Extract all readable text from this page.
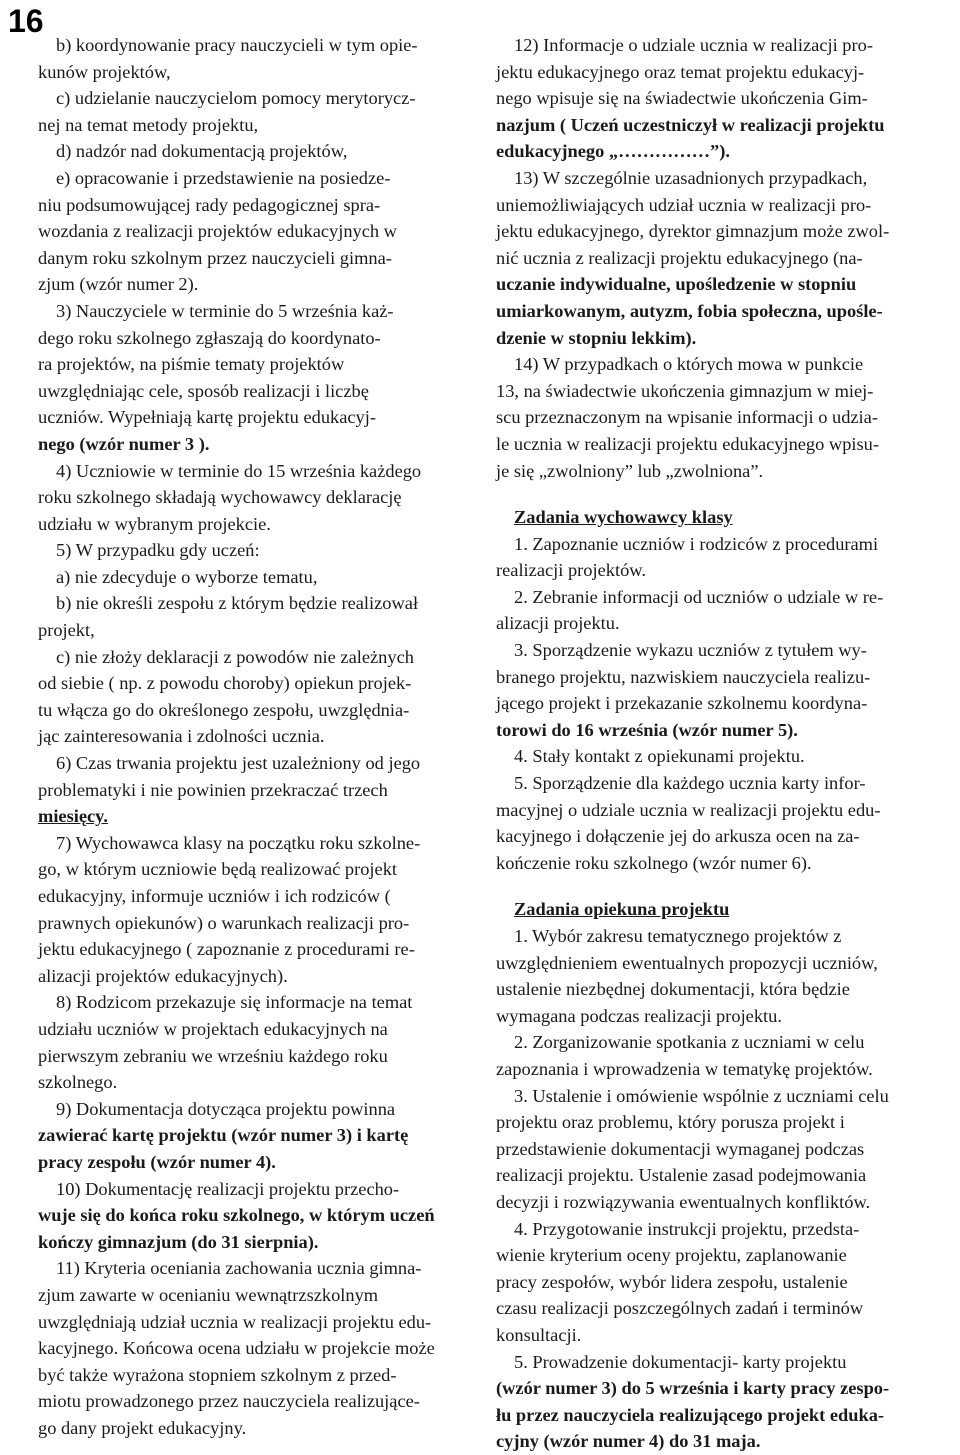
16
b) koordynowanie pracy nauczycieli w tym opie-
kunów projektów,
c) udzielanie nauczycielom pomocy merytorycz-
nej na temat metody projektu,
d) nadzór nad dokumentacją projektów,
e) opracowanie i przedstawienie na posiedze-
niu podsumowującej rady pedagogicznej spra-
wozdania z realizacji projektów edukacyjnych w
danym roku szkolnym przez nauczycieli gimna-
zjum (wzór numer 2).
3) Nauczyciele w terminie do 5 września każ-
dego roku szkolnego zgłaszają do koordynato-
ra projektów, na piśmie tematy projektów
uwzględniając cele, sposób realizacji i liczbę
uczniów. Wypełniają kartę projektu edukacyj-
nego (wzór numer 3 ).
4) Uczniowie w terminie do 15 września każdego
roku szkolnego składają wychowawcy deklarację
udziału w wybranym projekcie.
5) W przypadku gdy uczeń:
a) nie zdecyduje o wyborze tematu,
b) nie określi zespołu z którym będzie realizował
projekt,
c) nie złoży deklaracji z powodów nie zależnych
od siebie ( np. z powodu choroby) opiekun projek-
tu włącza go do określonego zespołu, uwzględnia-
jąc zainteresowania i zdolności ucznia.
6) Czas trwania projektu jest uzależniony od jego
problematyki i nie powinien przekraczać trzech
miesięcy.
7) Wychowawca klasy na początku roku szkolne-
go, w którym uczniowie będą realizować projekt
edukacyjny, informuje uczniów i ich rodziców (
prawnych opiekunów) o warunkach realizacji pro-
jektu edukacyjnego ( zapoznanie z procedurami re-
alizacji projektów edukacyjnych).
8) Rodzicom przekazuje się informacje na temat
udziału uczniów w projektach edukacyjnych na
pierwszym zebraniu we wrześniu każdego roku
szkolnego.
9) Dokumentacja dotycząca projektu powinna
zawierać kartę projektu (wzór numer 3) i kartę
pracy zespołu (wzór numer 4).
10) Dokumentację realizacji projektu przecho-
wuje się do końca roku szkolnego, w którym uczeń
kończy gimnazjum (do 31 sierpnia).
11) Kryteria oceniania zachowania ucznia gimna-
zjum zawarte w ocenianiu wewnątrzszkolnym
uwzględniają udział ucznia w realizacji projektu edu-
kacyjnego. Końcowa ocena udziału w projekcie może
być także wyrażona stopniem szkolnym z przed-
miotu prowadzonego przez nauczyciela realizujące-
go dany projekt edukacyjny.
12) Informacje o udziale ucznia w realizacji pro-
jektu edukacyjnego oraz temat projektu edukacyj-
nego wpisuje się na świadectwie ukończenia Gim-
nazjum ( Uczeń uczestniczył w realizacji projektu
edukacyjnego „……………”).
13) W szczególnie uzasadnionych przypadkach,
uniemożliwiających udział ucznia w realizacji pro-
jektu edukacyjnego, dyrektor gimnazjum może zwol-
nić ucznia z realizacji projektu edukacyjnego (na-
uczanie indywidualne, upośledzenie w stopniu
umiarkowanym, autyzm, fobia społeczna, upośle-
dzenie w stopniu lekkim).
14) W przypadkach o których mowa w punkcie
13, na świadectwie ukończenia gimnazjum w miej-
scu przeznaczonym na wpisanie informacji o udzia-
le ucznia w realizacji projektu edukacyjnego wpisu-
je się „zwolniony” lub „zwolniona”.
Zadania wychowawcy klasy
1. Zapoznanie uczniów i rodziców z procedurami
realizacji projektów.
2. Zebranie informacji od uczniów o udziale w re-
alizacji projektu.
3. Sporządzenie wykazu uczniów z tytułem wy-
branego projektu, nazwiskiem nauczyciela realizu-
jącego projekt i przekazanie szkolnemu koordyna-
torowi do 16 września (wzór numer 5).
4. Stały kontakt z opiekunami projektu.
5. Sporządzenie dla każdego ucznia karty infor-
macyjnej o udziale ucznia w realizacji projektu edu-
kacyjnego i dołączenie jej do arkusza ocen na za-
kończenie roku szkolnego (wzór numer 6).
Zadania opiekuna projektu
1. Wybór zakresu tematycznego projektów z
uwzględnieniem ewentualnych propozycji uczniów,
ustalenie niezbędnej dokumentacji, która będzie
wymagana podczas realizacji projektu.
2. Zorganizowanie spotkania z uczniami w celu
zapoznania i wprowadzenia w tematykę projektów.
3. Ustalenie i omówienie wspólnie z uczniami celu
projektu oraz problemu, który porusza projekt i
przedstawienie dokumentacji wymaganej podczas
realizacji projektu. Ustalenie zasad podejmowania
decyzji i rozwiązywania ewentualnych konfliktów.
4. Przygotowanie instrukcji projektu, przedsta-
wienie kryterium oceny projektu, zaplanowanie
pracy zespołów, wybór lidera zespołu, ustalenie
czasu realizacji poszczególnych zadań i terminów
konsultacji.
5. Prowadzenie dokumentacji- karty projektu
(wzór numer 3) do 5 września i karty pracy zespo-
łu przez nauczyciela realizującego projekt eduka-
cyjny (wzór numer 4) do 31 maja.
